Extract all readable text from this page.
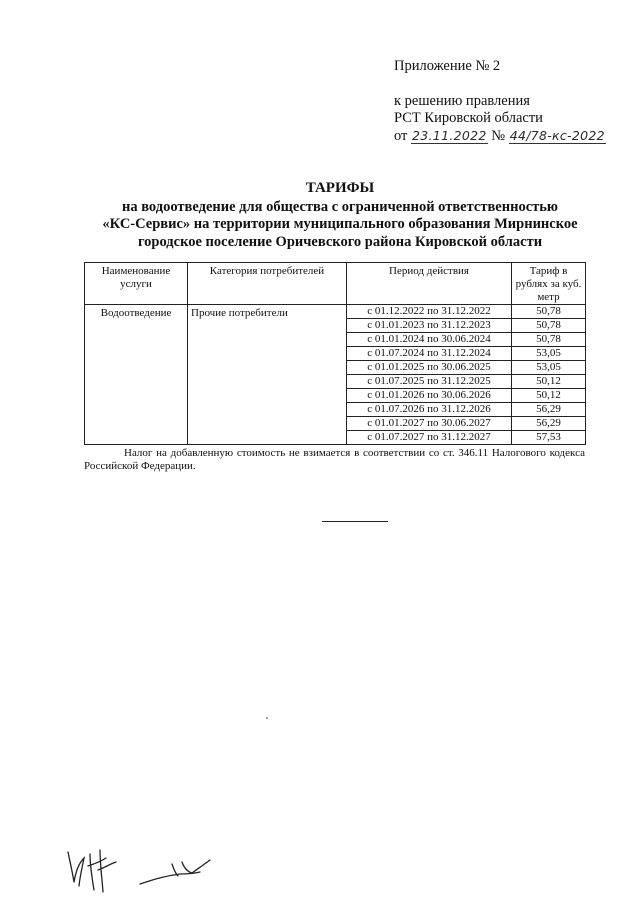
Приложение № 2
к решению правления
РСТ Кировской области
от 23.11.2022 № 44/78-кс-2022
ТАРИФЫ
на водоотведение для общества с ограниченной ответственностью
«КС-Сервис» на территории муниципального образования Мирнинское
городское поселение Оричевского района Кировской области
Наименование услуги	Категория потребителей	Период действия	Тариф в рублях за куб. метр
Водоотведение	Прочие потребители	с 01.12.2022 по 31.12.2022	50,78
		с 01.01.2023 по 31.12.2023	50,78
		с 01.01.2024 по 30.06.2024	50,78
		с 01.07.2024 по 31.12.2024	53,05
		с 01.01.2025 по 30.06.2025	53,05
		с 01.07.2025 по 31.12.2025	50,12
		с 01.01.2026 по 30.06.2026	50,12
		с 01.07.2026 по 31.12.2026	56,29
		с 01.01.2027 по 30.06.2027	56,29
		с 01.07.2027 по 31.12.2027	57,53
Налог на добавленную стоимость не взимается в соответствии со ст. 346.11 Налогового кодекса Российской Федерации.
